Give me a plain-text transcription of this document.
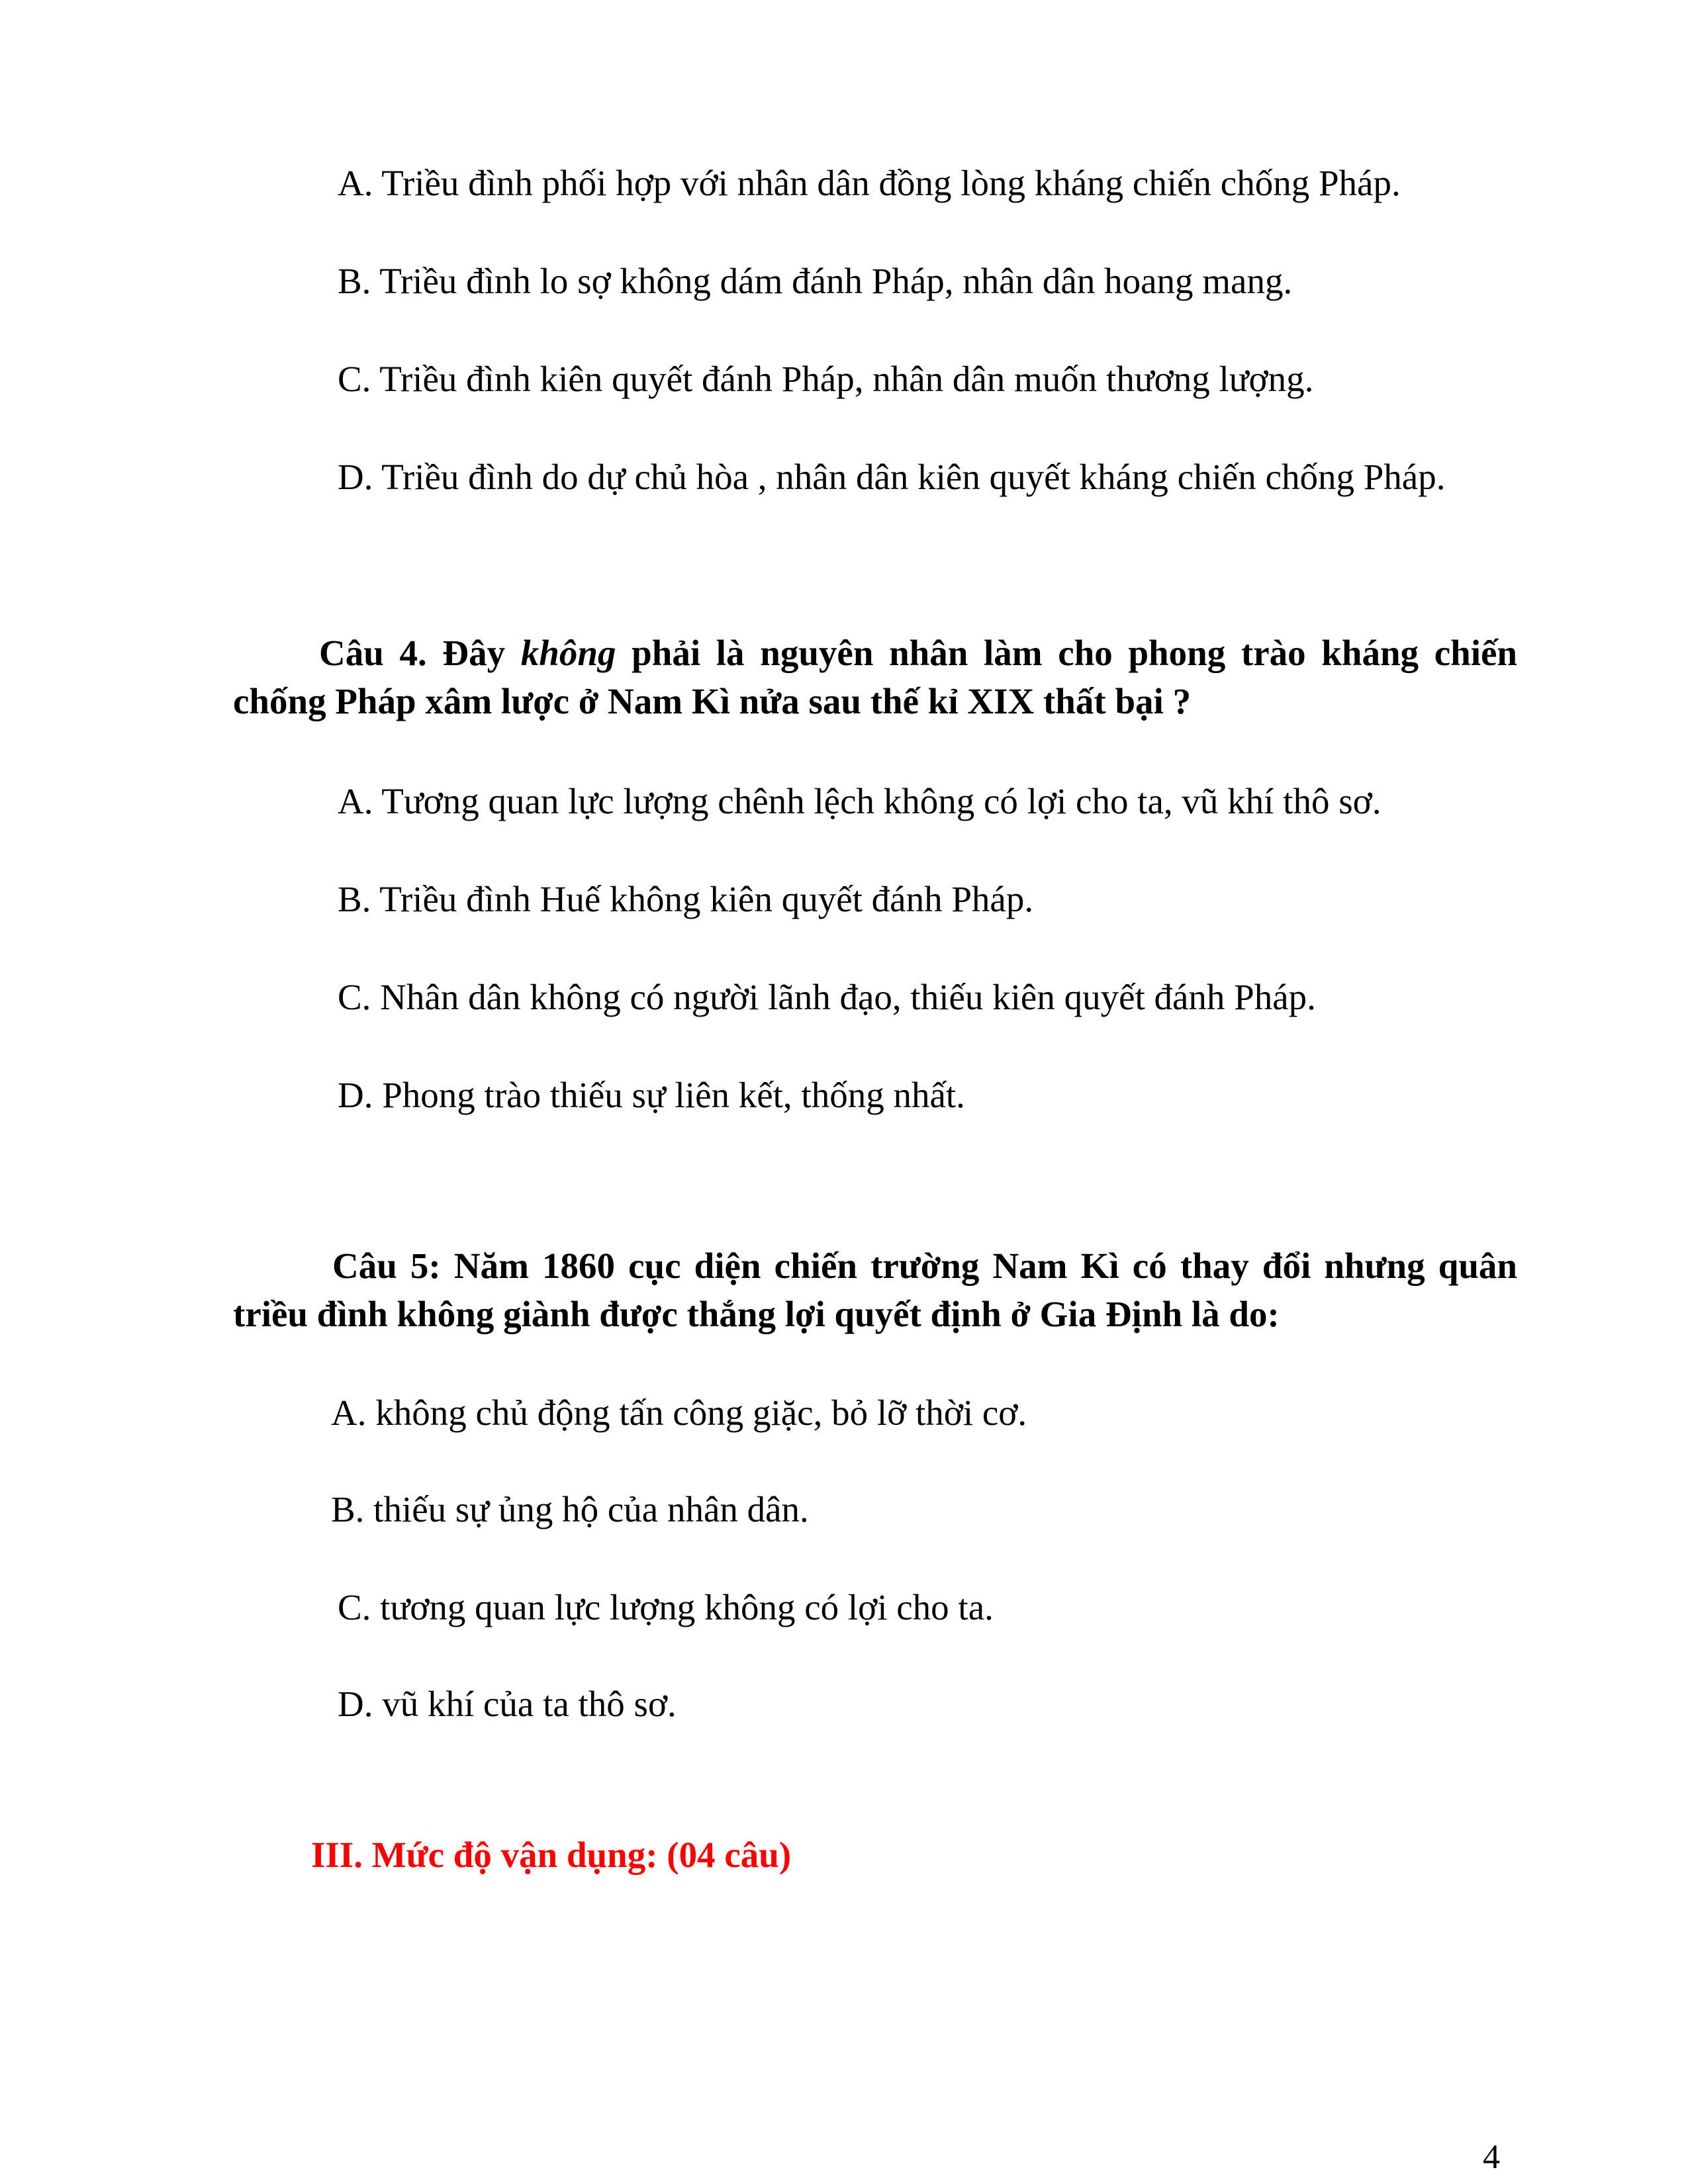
A. Triều đình phối hợp với nhân dân đồng lòng kháng chiến chống Pháp.
B. Triều đình lo sợ không dám đánh Pháp, nhân dân hoang mang.
C. Triều đình kiên quyết đánh Pháp, nhân dân muốn thương lượng.
D. Triều đình do dự chủ hòa , nhân dân kiên quyết kháng chiến chống Pháp.
Câu 4. Đây không phải là nguyên nhân làm cho phong trào kháng chiến chống Pháp xâm lược ở Nam Kì nửa sau thế kỉ XIX thất bại ?
A. Tương quan lực lượng chênh lệch không có lợi cho ta, vũ khí thô sơ.
B. Triều đình Huế không kiên quyết đánh Pháp.
C. Nhân dân không có người lãnh đạo, thiếu kiên quyết đánh Pháp.
D. Phong trào thiếu sự liên kết, thống nhất.
Câu 5: Năm 1860 cục diện chiến trường Nam Kì có thay đổi nhưng quân triều đình không giành được thắng lợi quyết định ở Gia Định là do:
A. không chủ động tấn công giặc, bỏ lỡ thời cơ.
B. thiếu sự ủng hộ của nhân dân.
C. tương quan lực lượng không có lợi cho ta.
D. vũ khí của ta thô sơ.
III. Mức độ vận dụng: (04 câu)
4
